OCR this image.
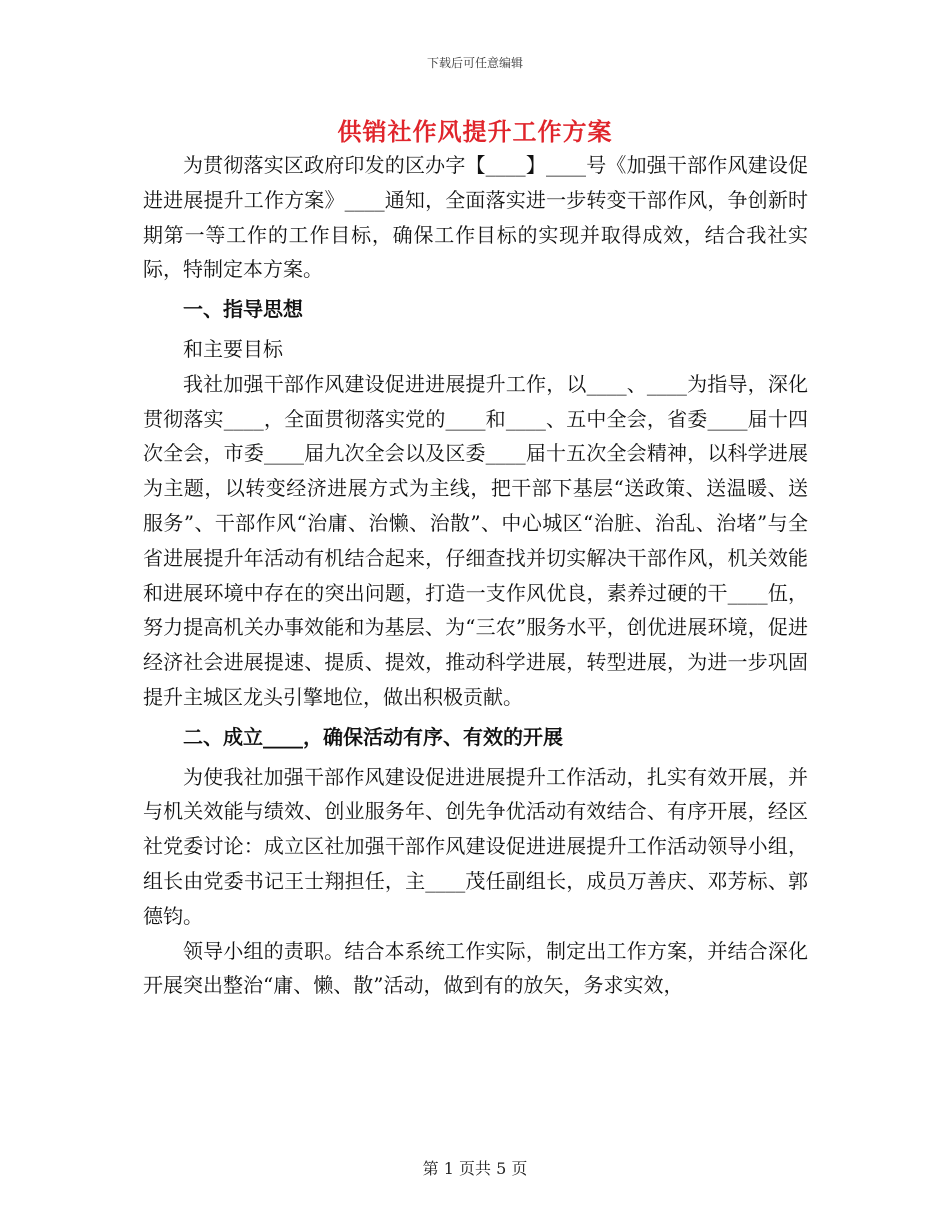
下载后可任意编辑
供销社作风提升工作方案

为贯彻落实区政府印发的区办字【____】____号《加强干部作风建设促进进展提升工作方案》____通知，全面落实进一步转变干部作风，争创新时期第一等工作的工作目标，确保工作目标的实现并取得成效，结合我社实际，特制定本方案。

一、指导思想

和主要目标

我社加强干部作风建设促进进展提升工作，以____、____为指导，深化贯彻落实____，全面贯彻落实党的____和____、五中全会，省委____届十四次全会，市委____届九次全会以及区委____届十五次全会精神，以科学进展为主题，以转变经济进展方式为主线，把干部下基层“送政策、送温暖、送服务”、干部作风“治庸、治懒、治散”、中心城区“治脏、治乱、治堵”与全省进展提升年活动有机结合起来，仔细查找并切实解决干部作风，机关效能和进展环境中存在的突出问题，打造一支作风优良，素养过硬的干____伍，努力提高机关办事效能和为基层、为“三农”服务水平，创优进展环境，促进经济社会进展提速、提质、提效，推动科学进展，转型进展，为进一步巩固提升主城区龙头引擎地位，做出积极贡献。

二、成立____，确保活动有序、有效的开展

为使我社加强干部作风建设促进进展提升工作活动，扎实有效开展，并与机关效能与绩效、创业服务年、创先争优活动有效结合、有序开展，经区社党委讨论：成立区社加强干部作风建设促进进展提升工作活动领导小组，组长由党委书记王士翔担任，主____茂任副组长，成员万善庆、邓芳标、郭德钧。

领导小组的责职。结合本系统工作实际，制定出工作方案，并结合深化开展突出整治“庸、懒、散”活动，做到有的放矢，务求实效，

第 1 页共 5 页
